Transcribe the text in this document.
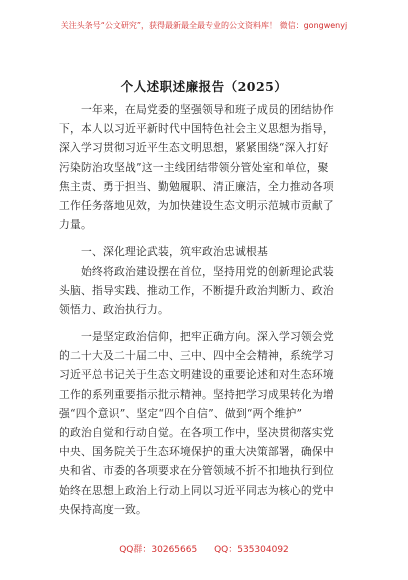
关注头条号“公文研究”，获得最新最全最专业的公文资料库！ 微信：gongwenyj
个人述职述廉报告（2025）
一年来，在局党委的坚强领导和班子成员的团结协作
下，本人以习近平新时代中国特色社会主义思想为指导，
深入学习贯彻习近平生态文明思想，紧紧围绕“深入打好
污染防治攻坚战”这一主线团结带领分管处室和单位，聚
焦主责、勇于担当、勤勉履职、清正廉洁，全力推动各项
工作任务落地见效，为加快建设生态文明示范城市贡献了
力量。
一、深化理论武装，筑牢政治忠诚根基
始终将政治建设摆在首位，坚持用党的创新理论武装
头脑、指导实践、推动工作，不断提升政治判断力、政治
领悟力、政治执行力。
一是坚定政治信仰，把牢正确方向。深入学习领会党
的二十大及二十届二中、三中、四中全会精神，系统学习
习近平总书记关于生态文明建设的重要论述和对生态环境
工作的系列重要指示批示精神。坚持把学习成果转化为增
强“四个意识”、坚定“四个自信”、做到“两个维护”
的政治自觉和行动自觉。在各项工作中，坚决贯彻落实党
中央、国务院关于生态环境保护的重大决策部署，确保中
央和省、市委的各项要求在分管领域不折不扣地执行到位
始终在思想上政治上行动上同以习近平同志为核心的党中
央保持高度一致。
QQ群：30265665 QQ：535304092
